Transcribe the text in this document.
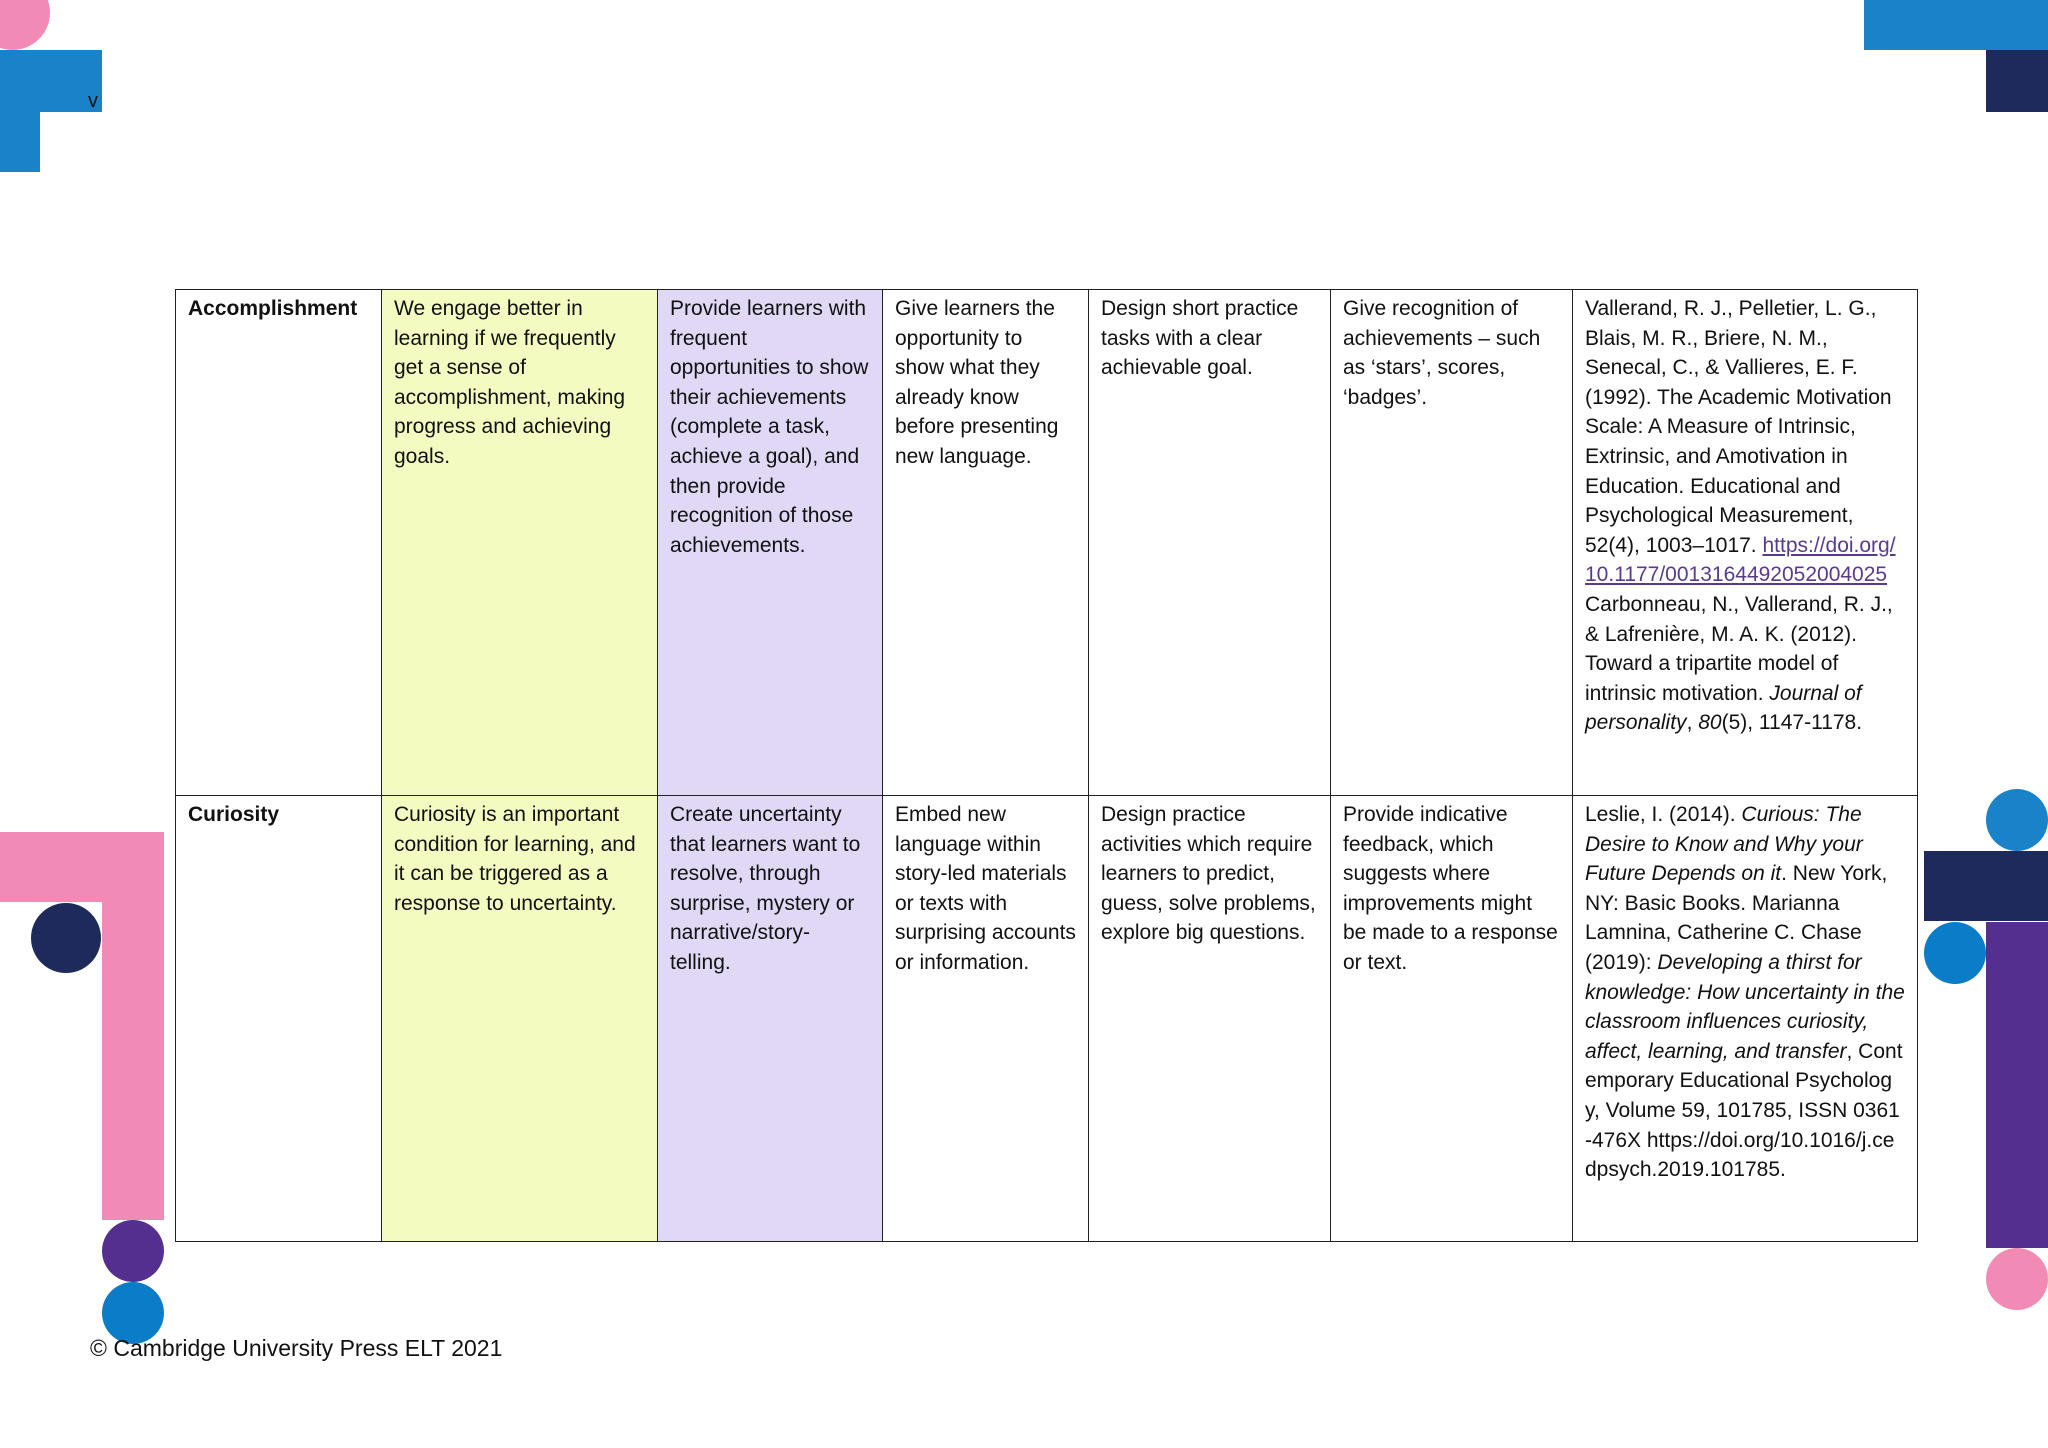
v
Accomplishment	We engage better in learning if we frequently get a sense of accomplishment, making progress and achieving goals.	Provide learners with frequent opportunities to show their achievements (complete a task, achieve a goal), and then provide recognition of those achievements.	Give learners the opportunity to show what they already know before presenting new language.	Design short practice tasks with a clear achievable goal.	Give recognition of achievements – such as ‘stars’, scores, ‘badges’.	Vallerand, R. J., Pelletier, L. G., Blais, M. R., Briere, N. M., Senecal, C., & Vallieres, E. F. (1992). The Academic Motivation Scale: A Measure of Intrinsic, Extrinsic, and Amotivation in Education. Educational and Psychological Measurement, 52(4), 1003–1017. https://doi.org/10.1177/0013164492052004025 Carbonneau, N., Vallerand, R. J., & Lafrenière, M. A. K. (2012). Toward a tripartite model of intrinsic motivation. Journal of personality, 80(5), 1147-1178.
Curiosity	Curiosity is an important condition for learning, and it can be triggered as a response to uncertainty.	Create uncertainty that learners want to resolve, through surprise, mystery or narrative/story-telling.	Embed new language within story-led materials or texts with surprising accounts or information.	Design practice activities which require learners to predict, guess, solve problems, explore big questions.	Provide indicative feedback, which suggests where improvements might be made to a response or text.	Leslie, I. (2014). Curious: The Desire to Know and Why your Future Depends on it. New York, NY: Basic Books. Marianna Lamnina, Catherine C. Chase (2019): Developing a thirst for knowledge: How uncertainty in the classroom influences curiosity, affect, learning, and transfer, Contemporary Educational Psychology, Volume 59, 101785, ISSN 0361-476X https://doi.org/10.1016/j.cedpsych.2019.101785.
© Cambridge University Press ELT 2021
